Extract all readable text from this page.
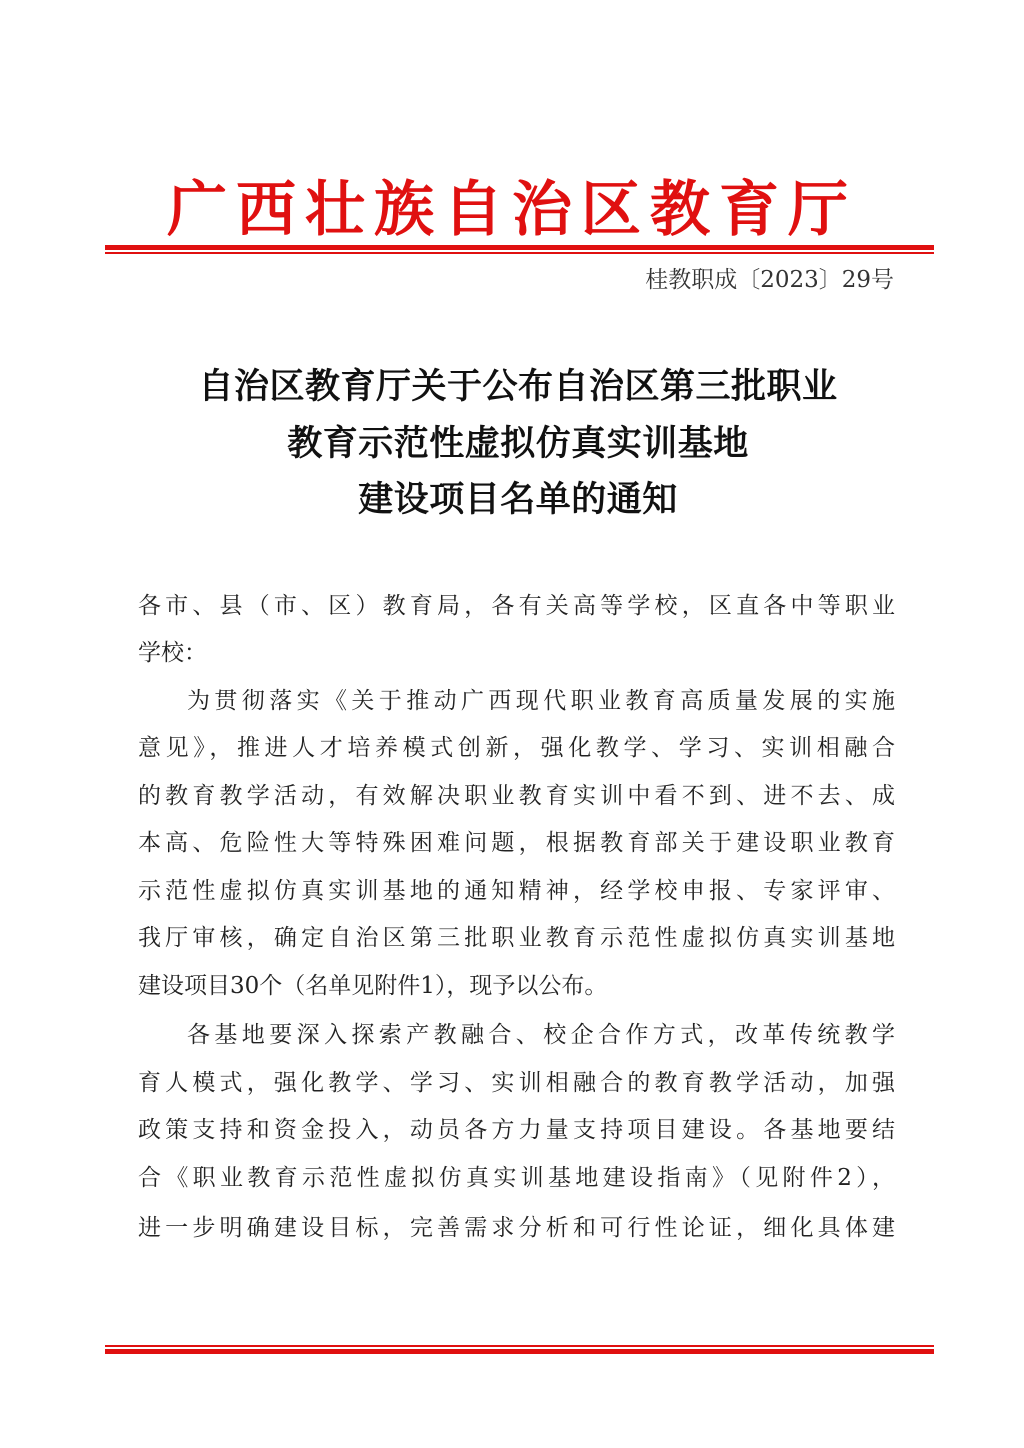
广西壮族自治区教育厅
桂教职成〔2023〕29号
自治区教育厅关于公布自治区第三批职业
教育示范性虚拟仿真实训基地
建设项目名单的通知
各市、县（市、区）教育局，各有关高等学校，区直各中等职业
学校：
为贯彻落实《关于推动广西现代职业教育高质量发展的实施
意见》，推进人才培养模式创新，强化教学、学习、实训相融合
的教育教学活动，有效解决职业教育实训中看不到、进不去、成
本高、危险性大等特殊困难问题，根据教育部关于建设职业教育
示范性虚拟仿真实训基地的通知精神，经学校申报、专家评审、
我厅审核，确定自治区第三批职业教育示范性虚拟仿真实训基地
建设项目30个（名单见附件1），现予以公布。
各基地要深入探索产教融合、校企合作方式，改革传统教学
育人模式，强化教学、学习、实训相融合的教育教学活动，加强
政策支持和资金投入，动员各方力量支持项目建设。各基地要结
合《职业教育示范性虚拟仿真实训基地建设指南》（见附件2），
进一步明确建设目标，完善需求分析和可行性论证，细化具体建
